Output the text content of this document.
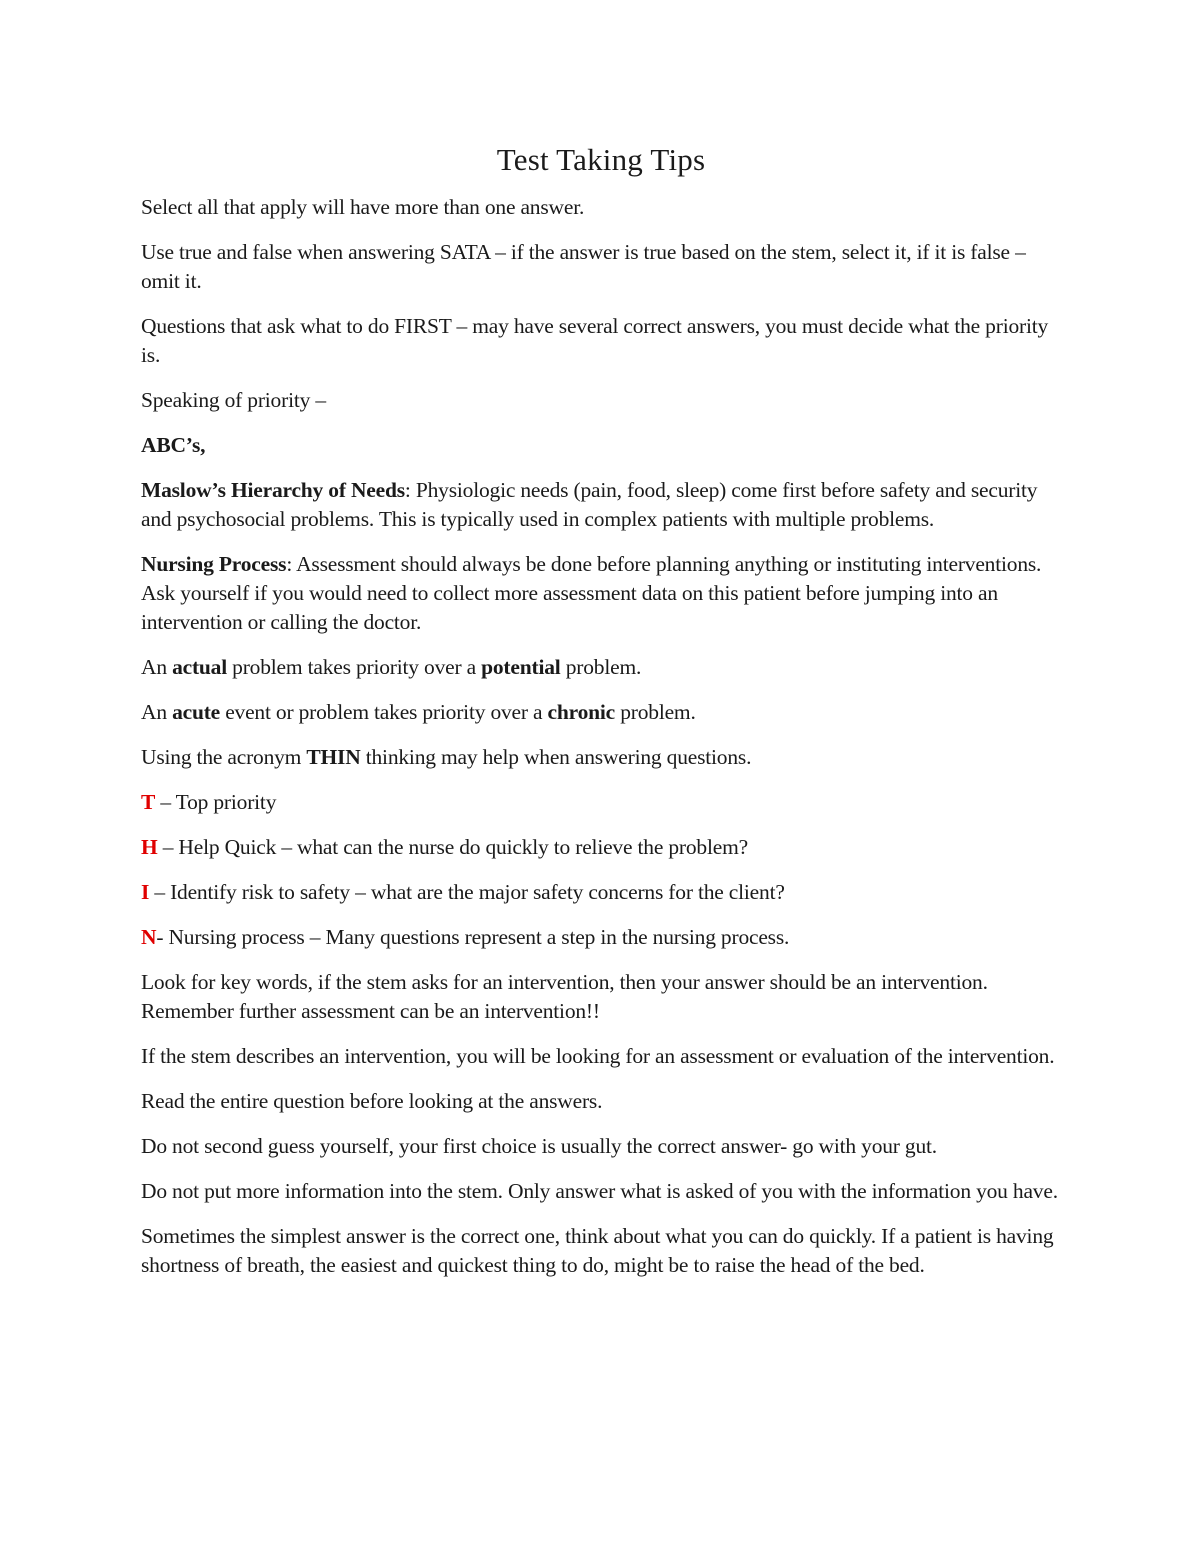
Test Taking Tips

Select all that apply will have more than one answer.

Use true and false when answering SATA – if the answer is true based on the stem, select it, if it is false – omit it.

Questions that ask what to do FIRST – may have several correct answers, you must decide what the priority is.

Speaking of priority –

ABC’s,

Maslow’s Hierarchy of Needs: Physiologic needs (pain, food, sleep) come first before safety and security and psychosocial problems. This is typically used in complex patients with multiple problems.

Nursing Process: Assessment should always be done before planning anything or instituting interventions. Ask yourself if you would need to collect more assessment data on this patient before jumping into an intervention or calling the doctor.

An actual problem takes priority over a potential problem.

An acute event or problem takes priority over a chronic problem.

Using the acronym THIN thinking may help when answering questions.

T – Top priority

H – Help Quick – what can the nurse do quickly to relieve the problem?

I – Identify risk to safety – what are the major safety concerns for the client?

N- Nursing process – Many questions represent a step in the nursing process.

Look for key words, if the stem asks for an intervention, then your answer should be an intervention. Remember further assessment can be an intervention!!

If the stem describes an intervention, you will be looking for an assessment or evaluation of the intervention.

Read the entire question before looking at the answers.

Do not second guess yourself, your first choice is usually the correct answer- go with your gut.

Do not put more information into the stem. Only answer what is asked of you with the information you have.

Sometimes the simplest answer is the correct one, think about what you can do quickly. If a patient is having shortness of breath, the easiest and quickest thing to do, might be to raise the head of the bed.
